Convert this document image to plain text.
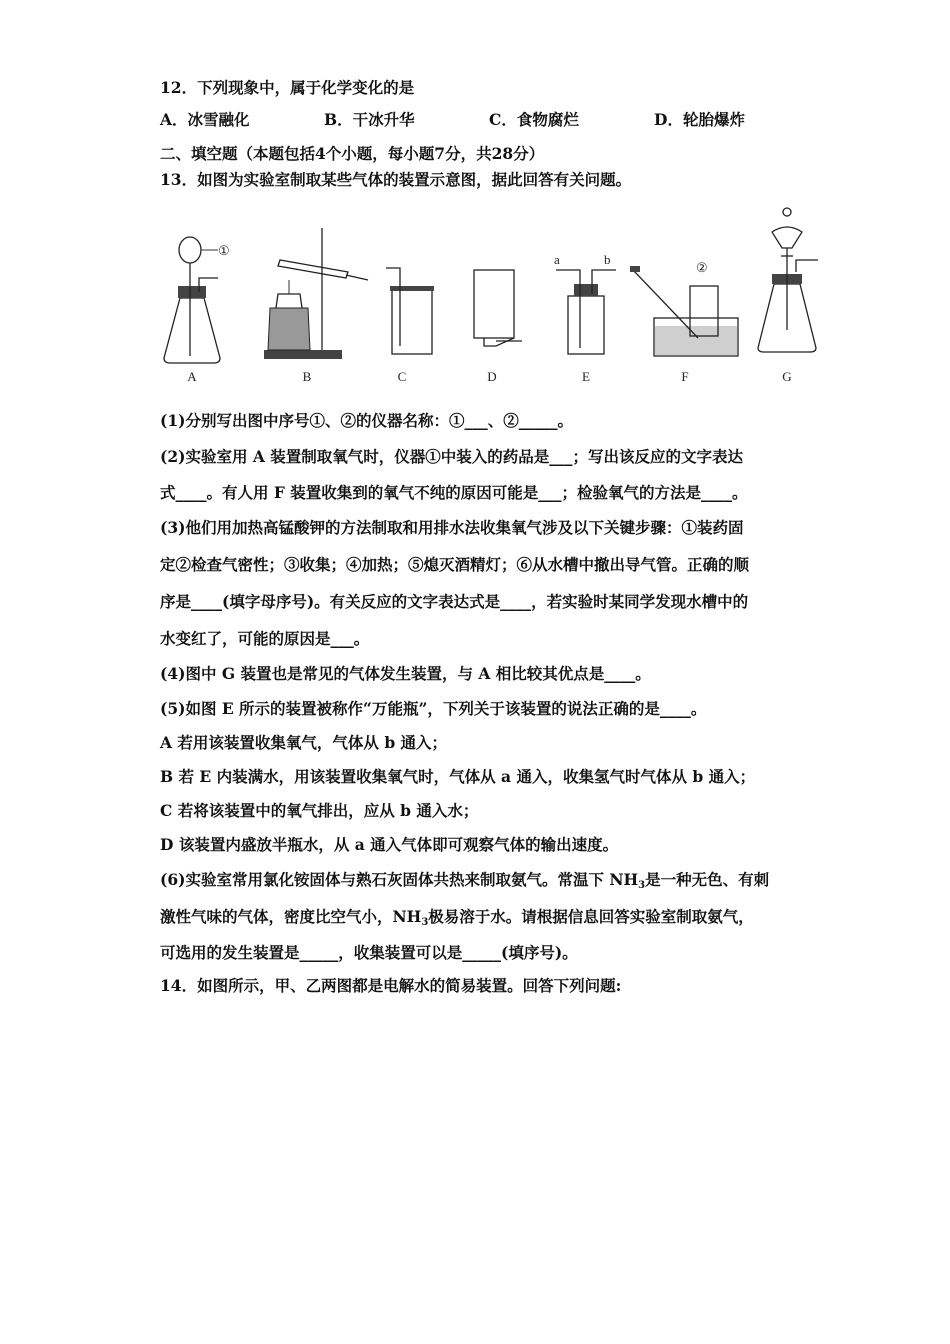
12．下列现象中，属于化学变化的是
A．冰雪融化	B．干冰升华	C．食物腐烂	D．轮胎爆炸
二、填空题（本题包括4个小题，每小题7分，共28分）
13．如图为实验室制取某些气体的装置示意图，据此回答有关问题。
①
A	B	C	D
a	b
E
②
F	G
(1)分别写出图中序号①、②的仪器名称：①___、②_____。
(2)实验室用 A 装置制取氧气时，仪器①中装入的药品是___；写出该反应的文字表达
式____。有人用 F 装置收集到的氧气不纯的原因可能是___；检验氧气的方法是____。
(3)他们用加热高锰酸钾的方法制取和用排水法收集氧气涉及以下关键步骤：①装药固
定②检查气密性；③收集；④加热；⑤熄灭酒精灯；⑥从水槽中撤出导气管。正确的顺
序是____(填字母序号)。有关反应的文字表达式是____，若实验时某同学发现水槽中的
水变红了，可能的原因是___。
(4)图中 G 装置也是常见的气体发生装置，与 A 相比较其优点是____。
(5)如图 E 所示的装置被称作“万能瓶”，下列关于该装置的说法正确的是____。
A 若用该装置收集氧气，气体从 b 通入；
B 若 E 内装满水，用该装置收集氧气时，气体从 a 通入，收集氢气时气体从 b 通入；
C 若将该装置中的氧气排出，应从 b 通入水；
D 该装置内盛放半瓶水，从 a 通入气体即可观察气体的输出速度。
(6)实验室常用氯化铵固体与熟石灰固体共热来制取氨气。常温下 $NH_3$是一种无色、有刺
激性气味的气体，密度比空气小，$NH_3$极易溶于水。请根据信息回答实验室制取氨气，
可选用的发生装置是_____，收集装置可以是_____(填序号)。
14．如图所示，甲、乙两图都是电解水的简易装置。回答下列问题:
